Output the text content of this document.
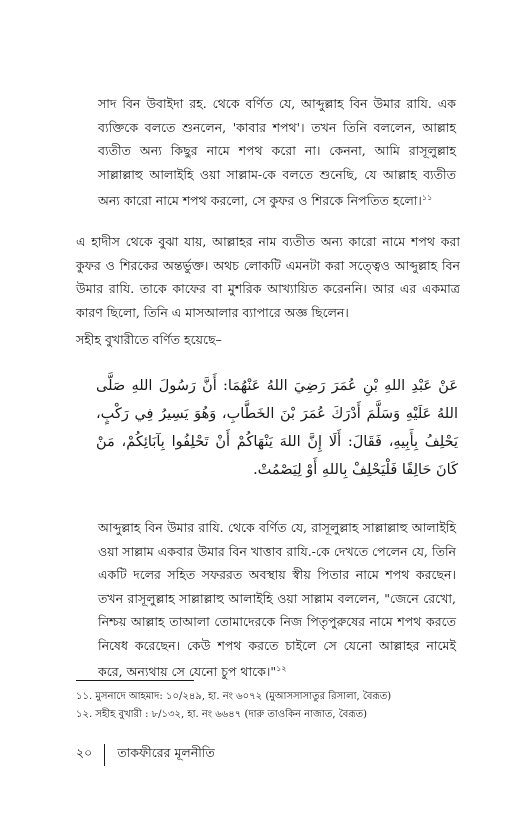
সাদ বিন উবাইদা রহ. থেকে বর্ণিত যে, আব্দুল্লাহ বিন উমার রাযি. এক ব্যক্তিকে বলতে শুনলেন, 'কাবার শপথ'। তখন তিনি বললেন, আল্লাহ ব্যতীত অন্য কিছুর নামে শপথ করো না। কেননা, আমি রাসূলুল্লাহ সাল্লাল্লাহু আলাইহি ওয়া সাল্লাম-কে বলতে শুনেছি, যে আল্লাহ ব্যতীত অন্য কারো নামে শপথ করলো, সে কুফর ও শিরকে নিপতিত হলো।$^{১১}$

এ হাদীস থেকে বুঝা যায়, আল্লাহর নাম ব্যতীত অন্য কারো নামে শপথ করা কুফর ও শিরকের অন্তর্ভুক্ত। অথচ লোকটি এমনটা করা সত্ত্বেও আব্দুল্লাহ বিন উমার রাযি. তাকে কাফের বা মুশরিক আখ্যায়িত করেননি। আর এর একমাত্র কারণ ছিলো, তিনি এ মাসআলার ব্যাপারে অজ্ঞ ছিলেন।

সহীহ বুখারীতে বর্ণিত হয়েছে–

عَنْ عَبْدِ اللهِ بْنِ عُمَرَ رَضِيَ اللهُ عَنْهُمَا: أَنَّ رَسُولَ اللهِ صَلَّى اللهُ عَلَيْهِ وَسَلَّمَ أَدْرَكَ عُمَرَ بْنَ الخَطَّابِ، وَهُوَ يَسِيرُ فِي رَكْبٍ، يَحْلِفُ بِأَبِيهِ، فَقَالَ: أَلَا إِنَّ اللهَ يَنْهَاكُمْ أَنْ تَحْلِفُوا بِآبَائِكُمْ، مَنْ كَانَ حَالِفًا فَلْيَحْلِفْ بِاللهِ أَوْ لِيَصْمُتْ.

আব্দুল্লাহ বিন উমার রাযি. থেকে বর্ণিত যে, রাসূলুল্লাহ সাল্লাল্লাহু আলাইহি ওয়া সাল্লাম একবার উমার বিন খাত্তাব রাযি.-কে দেখতে পেলেন যে, তিনি একটি দলের সহিত সফররত অবস্থায় স্বীয় পিতার নামে শপথ করছেন। তখন রাসূলুল্লাহ সাল্লাল্লাহু আলাইহি ওয়া সাল্লাম বললেন, "জেনে রেখো, নিশ্চয় আল্লাহ তাআলা তোমাদেরকে নিজ পিতৃপুরুষের নামে শপথ করতে নিষেধ করেছেন। কেউ শপথ করতে চাইলে সে যেনো আল্লাহর নামেই করে, অন্যথায় সে যেনো চুপ থাকে।"$^{১২}$

১১. মুসনাদে আহমাদ: ১০/২৪৯, হা. নং ৬০৭২ (মুআসসাসাতুর রিসালা, বৈরূত)
১২. সহীহ বুখারী : ৮/১৩২, হা. নং ৬৬৪৭ (দারু তাওকিন নাজাত, বৈরূত)
২০ তাকফীরের মূলনীতি
